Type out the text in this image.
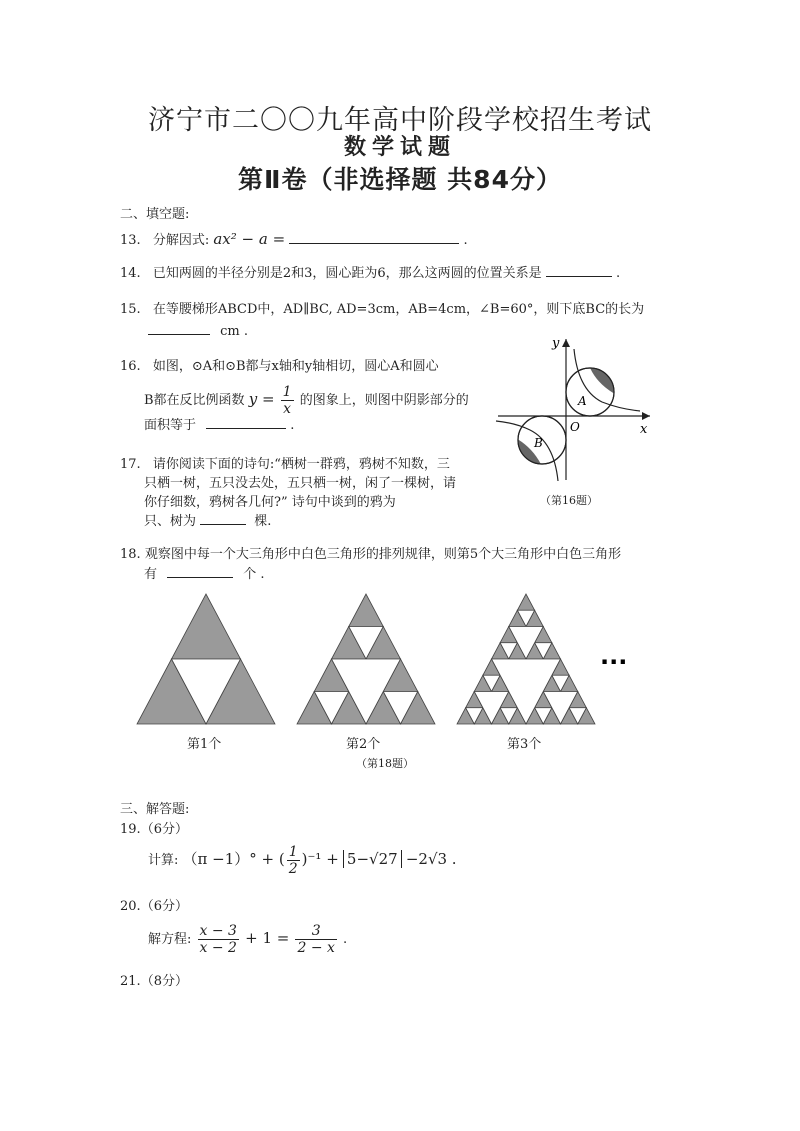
济宁市二〇〇九年高中阶段学校招生考试
数学试题
第Ⅱ卷（非选择题 共84分）
二、填空题:
13. 分解因式: ax² − a =	.
14. 已知两圆的半径分别是2和3，圆心距为6，那么这两圆的位置关系是	.
15. 在等腰梯形ABCD中，AD∥BC, AD=3cm，AB=4cm，∠B=60°，则下底BC的长为
cm .
16. 如图，⊙A和⊙B都与x轴和y轴相切，圆心A和圆心
B都在反比例函数 $y = \frac{1}{x}$ 的图象上，则图中阴影部分的
面积等于	.
y
x
O
A
B
（第16题）
17. 请你阅读下面的诗句:“栖树一群鸦，鸦树不知数，三
只栖一树，五只没去处，五只栖一树，闲了一棵树，请
你仔细数，鸦树各几何?” 诗句中谈到的鸦为
只、树为	棵.
18. 观察图中每一个大三角形中白色三角形的排列规律，则第5个大三角形中白色三角形
有	个 .
···
第1个	第2个	第3个
（第18题）
三、解答题:
19.（6分）
计算: （π −1）° + ( $\frac{1}{2} )^{-1} + 5-√27 -2√3$ .
20.（6分）
解方程: $\frac{x - 3}{x - 2} + 1 = \frac{3}{2 - x}$ .
21.（8分）
